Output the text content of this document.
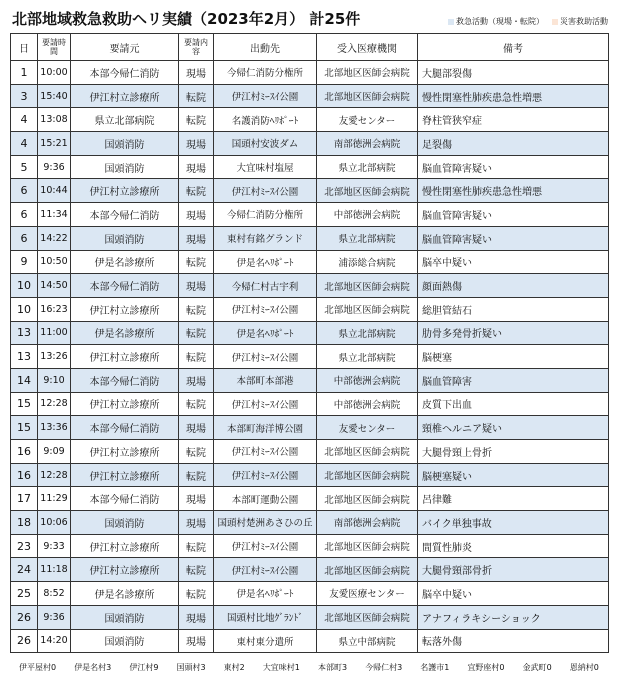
北部地域救急救助ヘリ実績（2023年2月） 計25件	救急活動（現場・転院） 災害救助活動
日	要請時間	要請元	要請内容	出動先	受入医療機関	備考
1	10:00	本部今帰仁消防	現場	今帰仁消防分権所	北部地区医師会病院	大腿部裂傷
3	15:40	伊江村立診療所	転院	伊江村ﾐｰｽｲ公園	北部地区医師会病院	慢性閉塞性肺疾患急性増悪
4	13:08	県立北部病院	転院	名護消防ﾍﾘﾎﾟｰﾄ	友愛センター	脊柱管狭窄症
4	15:21	国頭消防	現場	国頭村安波ダム	南部徳洲会病院	足裂傷
5	9:36	国頭消防	現場	大宜味村塩屋	県立北部病院	脳血管障害疑い
6	10:44	伊江村立診療所	転院	伊江村ﾐｰｽｲ公園	北部地区医師会病院	慢性閉塞性肺疾患急性増悪
6	11:34	本部今帰仁消防	現場	今帰仁消防分権所	中部徳洲会病院	脳血管障害疑い
6	14:22	国頭消防	現場	東村有銘グランド	県立北部病院	脳血管障害疑い
9	10:50	伊是名診療所	転院	伊是名ﾍﾘﾎﾟｰﾄ	浦添総合病院	脳卒中疑い
10	14:50	本部今帰仁消防	現場	今帰仁村古宇利	北部地区医師会病院	顔面熱傷
10	16:23	伊江村立診療所	転院	伊江村ﾐｰｽｲ公園	北部地区医師会病院	総胆管結石
13	11:00	伊是名診療所	転院	伊是名ﾍﾘﾎﾟｰﾄ	県立北部病院	肋骨多発骨折疑い
13	13:26	伊江村立診療所	転院	伊江村ﾐｰｽｲ公園	県立北部病院	脳梗塞
14	9:10	本部今帰仁消防	現場	本部町本部港	中部徳洲会病院	脳血管障害
15	12:28	伊江村立診療所	転院	伊江村ﾐｰｽｲ公園	中部徳洲会病院	皮質下出血
15	13:36	本部今帰仁消防	現場	本部町海洋博公園	友愛センター	頸椎ヘルニア疑い
16	9:09	伊江村立診療所	転院	伊江村ﾐｰｽｲ公園	北部地区医師会病院	大腿骨頸上骨折
16	12:28	伊江村立診療所	転院	伊江村ﾐｰｽｲ公園	北部地区医師会病院	脳梗塞疑い
17	11:29	本部今帰仁消防	現場	本部町運動公園	北部地区医師会病院	呂律難
18	10:06	国頭消防	現場	国頭村楚洲あさひの丘	南部徳洲会病院	バイク単独事故
23	9:33	伊江村立診療所	転院	伊江村ﾐｰｽｲ公園	北部地区医師会病院	間質性肺炎
24	11:18	伊江村立診療所	転院	伊江村ﾐｰｽｲ公園	北部地区医師会病院	大腿骨頸部骨折
25	8:52	伊是名診療所	転院	伊是名ﾍﾘﾎﾟｰﾄ	友愛医療センター	脳卒中疑い
26	9:36	国頭消防	現場	国頭村比地ｸﾞﾗﾝﾄﾞ	北部地区医師会病院	アナフィラキシーショック
26	14:20	国頭消防	現場	東村東分遣所	県立中部病院	転落外傷
伊平屋村0 伊是名村3 伊江村9 国頭村3 東村2 大宜味村1 本部町3 今帰仁村3 名護市1 宜野座村0 金武町0 恩納村0
